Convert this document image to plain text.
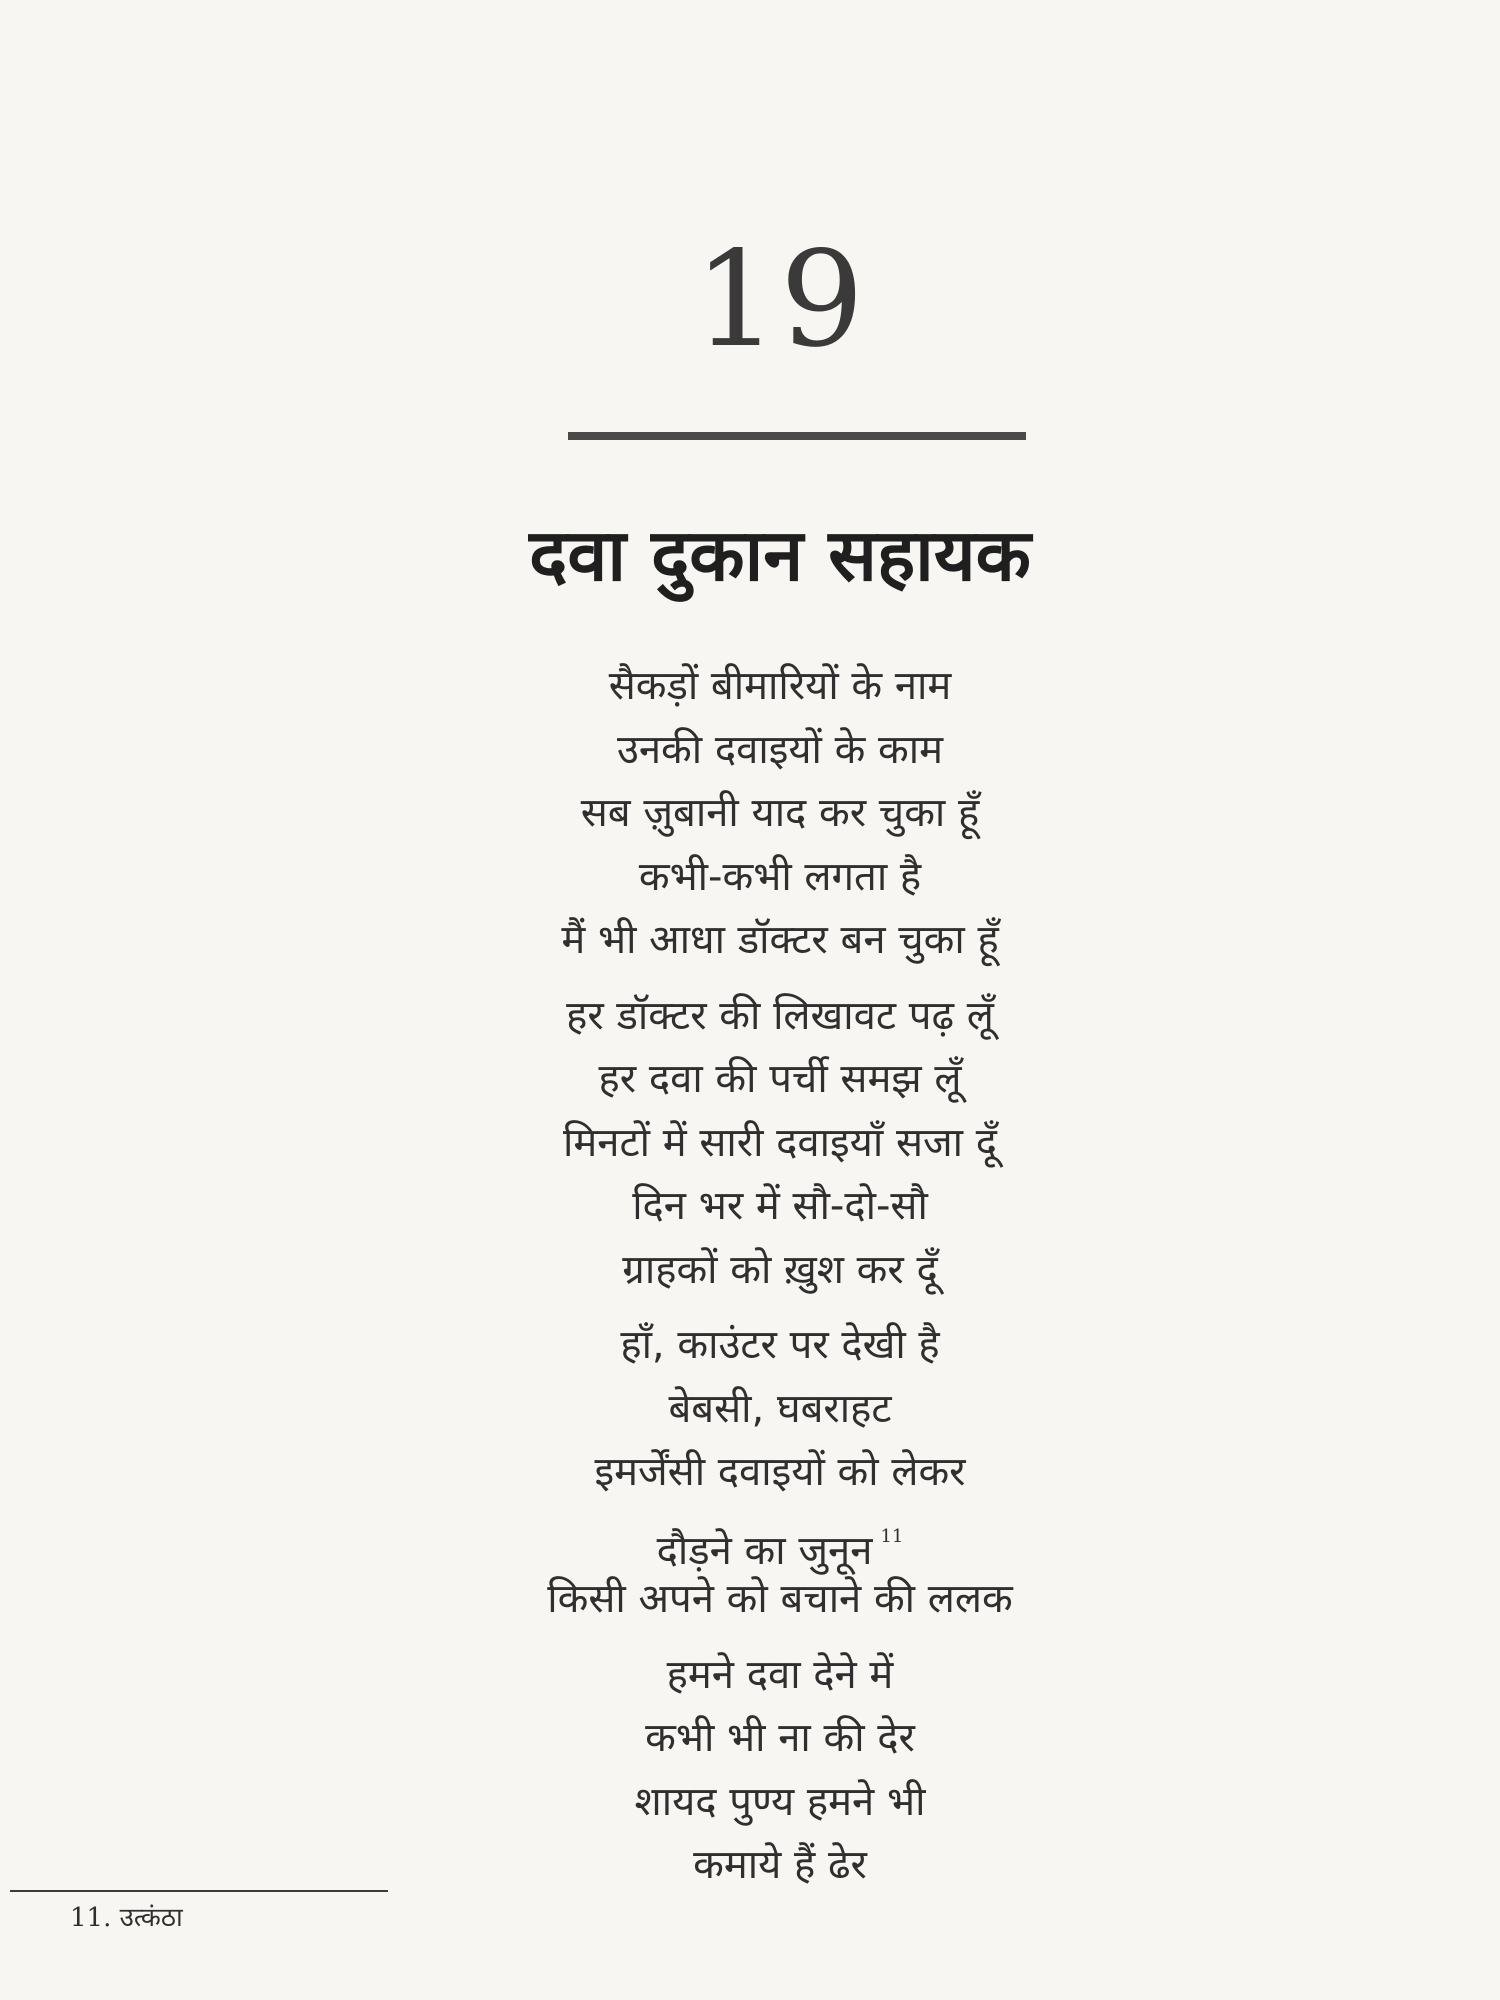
19
दवा दुकान सहायक
सैकड़ों बीमारियों के नाम
उनकी दवाइयों के काम
सब ज़ुबानी याद कर चुका हूँ
कभी-कभी लगता है
मैं भी आधा डॉक्टर बन चुका हूँ
हर डॉक्टर की लिखावट पढ़ लूँ
हर दवा की पर्ची समझ लूँ
मिनटों में सारी दवाइयाँ सजा दूँ
दिन भर में सौ-दो-सौ
ग्राहकों को ख़ुश कर दूँ
हाँ, काउंटर पर देखी है
बेबसी, घबराहट
इमर्जेंसी दवाइयों को लेकर
दौड़ने का जुनून $^{11}$
किसी अपने को बचाने की ललक
हमने दवा देने में
कभी भी ना की देर
शायद पुण्य हमने भी
कमाये हैं ढेर
11. उत्कंठा
